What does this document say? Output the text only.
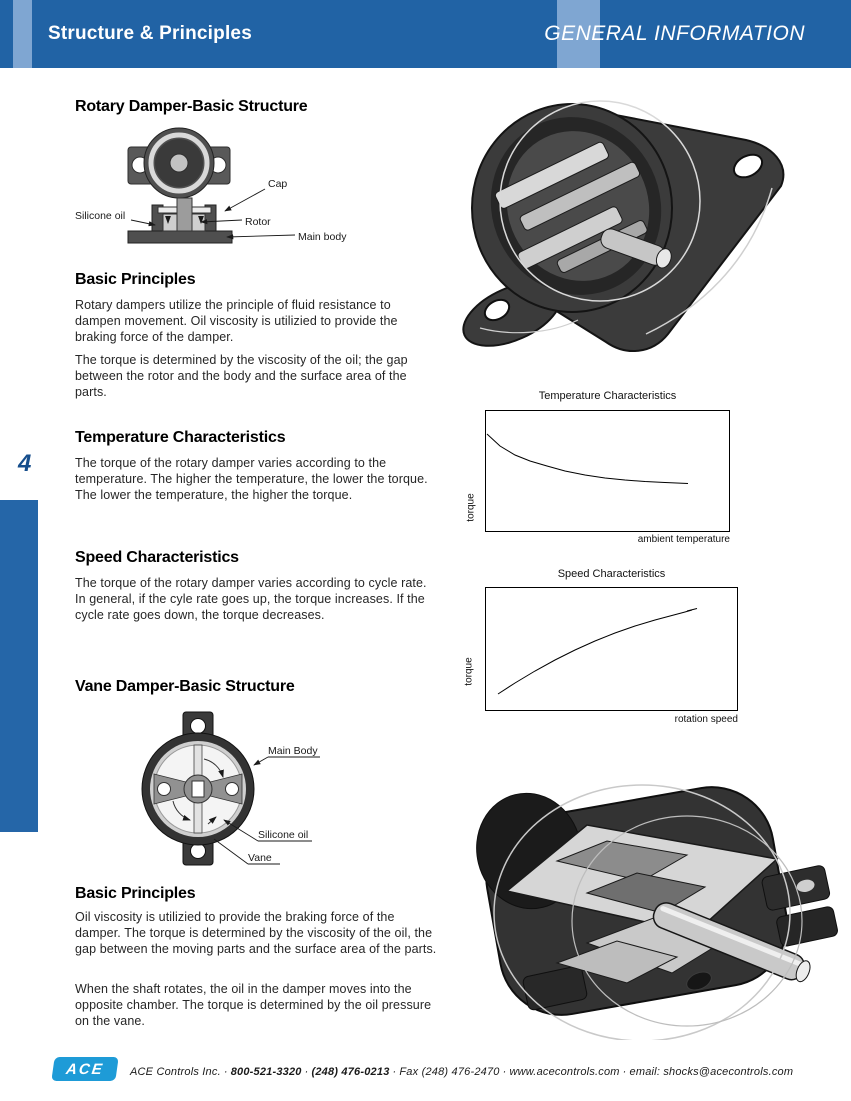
Structure & Principles	GENERAL INFORMATION
4
Rotary Damper-Basic Structure
Cap
Silicone oil	Rotor
Main body
Basic Principles
Rotary dampers utilize the principle of fluid resistance to dampen movement. Oil viscosity is utilizied to provide the braking force of the damper.
The torque is determined by the viscosity of the oil; the gap between the rotor and the body and the surface area of the parts.
Temperature Characteristics
The torque of the rotary damper varies according to the temperature. The higher the temperature, the lower the torque. The lower the temperature, the higher the torque.
Temperature Characteristics
torque
ambient temperature
Speed Characteristics
The torque of the rotary damper varies according to cycle rate. In general, if the cyle rate goes up, the torque increases. If the cycle rate goes down, the torque decreases.
Speed Characteristics
torque
rotation speed
Vane Damper-Basic Structure
Main Body
Silicone oil
Vane
Basic Principles
Oil viscosity is utilizied to provide the braking force of the damper. The torque is determined by the viscosity of the oil, the gap between the moving parts and the surface area of the parts.
When the shaft rotates, the oil in the damper moves into the opposite chamber. The torque is determined by the oil pressure on the vane.
ACE ACE Controls Inc. · 800-521-3320 · (248) 476-0213 · Fax (248) 476-2470 · www.acecontrols.com · email: shocks@acecontrols.com
